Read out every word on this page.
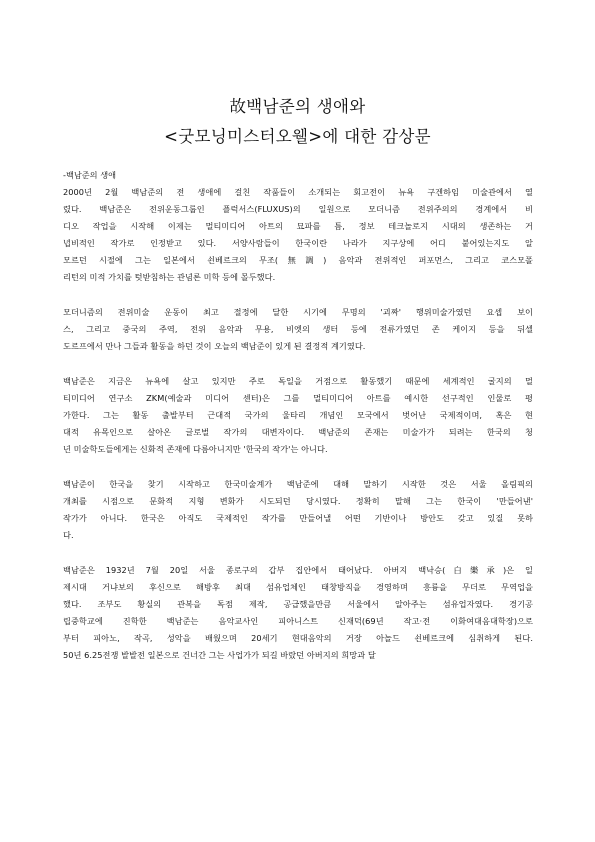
故백남준의 생애와
<굿모닝미스터오웰>에 대한 감상문
-백남준의 생애
2000년 2월 백남준의 전 생애에 걸친 작품들이 소개되는 회고전이 뉴욕 구겐하임 미술관에서 열
렸다. 백남준은 전위운동그룹인 플럭서스(FLUXUS)의 일원으로 모더니즘 전위주의의 경계에서 비
디오 작업을 시작해 이제는 멀티미디어 아트의 묘파를 틈, 정보 테크놀로지 시대의 생존하는 거
녑비적인 작가로 인정받고 있다. 서양사람들이 한국이란 나라가 지구상에 어디 붙어있는지도 알
모르던 시절에 그는 일본에서 쇤베르크의 무조(無調) 음악과 전위적인 퍼포먼스, 그리고 코스모폴
리턴의 미적 가치를 텃받침하는 관념론 미학 등에 몰두했다.
모더니즘의 전위미술 운동이 최고 절정에 달한 시기에 무명의 '괴짜' 행위미술가였던 요셉 보이
스, 그리고 중국의 주역, 전위 음악과 무용, 비엣의 생터 등에 전류가였던 존 케이지 등을 뒤셀
도르프에서 만나 그들과 활동을 하던 것이 오늘의 백남준이 있게 된 결정적 계기였다.
백남준은 지금은 뉴욕에 살고 있지만 주로 독일을 거점으로 활동했기 때문에 세계적인 굴지의 멀
티미디어 연구소 ZKM(예술과 미디어 센터)은 그를 멀티미디어 아트를 예시한 선구적인 인물로 평
가한다. 그는 활동 출발부터 근대적 국가의 울타리 개념인 모국에서 벗어난 국제적이며, 혹은 현
대적 유목인으로 살아온 글로벌 작가의 대변자이다. 백남준의 존재는 미술가가 되려는 한국의 청
년 미술학도들에게는 신화적 존재에 다름아니지만 '한국의 작가'는 아니다.
백남준이 한국을 찾기 시작하고 한국미술계가 백남준에 대해 말하기 시작한 것은 서울 올림픽의
개최를 시점으로 문화적 지형 변화가 시도되던 당시였다. 정확히 말해 그는 한국이 '만들어낸'
작가가 아니다. 한국은 아직도 국제적인 작가를 만들어낼 어떤 기반이나 방안도 갖고 있질 못하
다.
백남준은 1932년 7월 20일 서울 종로구의 갑부 집안에서 태어났다. 아버지 백낙승(白樂承)은 일
제시대 거냐보의 후신으로 해방후 최대 섬유업체인 태창방직을 경영하며 흥륭을 무더로 무역업을
했다. 조부도 황실의 관복을 독점 제작, 공급했을만큼 서울에서 알아주는 섬유업자였다. 경기공
립중학교에 진학한 백남준는 음악교사인 피아니스트 신재덕(69년 작고·전 이화여대음대학장)으로
부터 피아노, 작곡, 성악을 배웠으며 20세기 현대음악의 거장 아놀드 쇤베르크에 심취하게 된다.
50년 6.25전쟁 발발전 일본으로 건너간 그는 사업가가 되길 바랐던 아버지의 희망과 달
